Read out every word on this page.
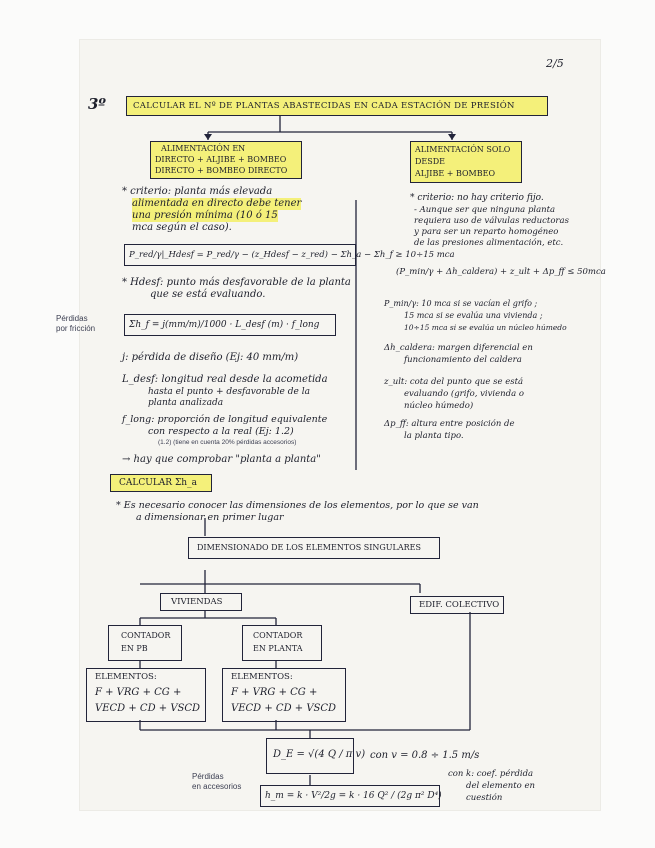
2/5
3º	CALCULAR EL Nº DE PLANTAS ABASTECIDAS EN CADA ESTACIÓN DE PRESIÓN
ALIMENTACIÓN EN
DIRECTO + ALJIBE + BOMBEO
DIRECTO + BOMBEO DIRECTO
ALIMENTACIÓN SOLO
DESDE
ALJIBE + BOMBEO
* criterio: planta más elevada
alimentada en directo debe tener
una presión mínima (10 ó 15
mca según el caso).
P_red/γ|_Hdesf = P_red/γ − (z_Hdesf − z_red) − Σh_a − Σh_f ≥ 10÷15 mca
* Hdesf: punto más desfavorable de la planta
que se está evaluando.
Pérdidas
por fricción	Σh_f = j(mm/m)/1000 · L_desf (m) · f_long
j: pérdida de diseño (Ej: 40 mm/m)
L_desf: longitud real desde la acometida
hasta el punto + desfavorable de la
planta analizada
f_long: proporción de longitud equivalente
con respecto a la real (Ej: 1.2)
(1.2) (tiene en cuenta 20% pérdidas accesorios)
→ hay que comprobar "planta a planta"
* criterio: no hay criterio fijo.
- Aunque ser que ninguna planta
requiera uso de válvulas reductoras
y para ser un reparto homogéneo
de las presiones alimentación, etc.
(P_min/γ + Δh_caldera) + z_ult + Δp_ff ≤ 50mca
P_min/γ: 10 mca si se vacían el grifo ;
15 mca si se evalúa una vivienda ;
10÷15 mca si se evalúa un núcleo húmedo
Δh_caldera: margen diferencial en
funcionamiento del caldera
z_ult: cota del punto que se está
evaluando (grifo, vivienda o
núcleo húmedo)
Δp_ff: altura entre posición de
la planta tipo.
CALCULAR Σh_a
* Es necesario conocer las dimensiones de los elementos, por lo que se van
a dimensionar en primer lugar
DIMENSIONADO DE LOS ELEMENTOS SINGULARES
VIVIENDAS	EDIF. COLECTIVO
CONTADOR
EN PB
CONTADOR
EN PLANTA
ELEMENTOS:
F + VRG + CG +
VECD + CD + VSCD
ELEMENTOS:
F + VRG + CG +
VECD + CD + VSCD
D_E = √(4 Q / π v) con v = 0.8 ÷ 1.5 m/s
Pérdidas
en accesorios
h_m = k · V²/2g = k · 16 Q² / (2g π² D⁴)
con k: coef. pérdida
del elemento en
cuestión
